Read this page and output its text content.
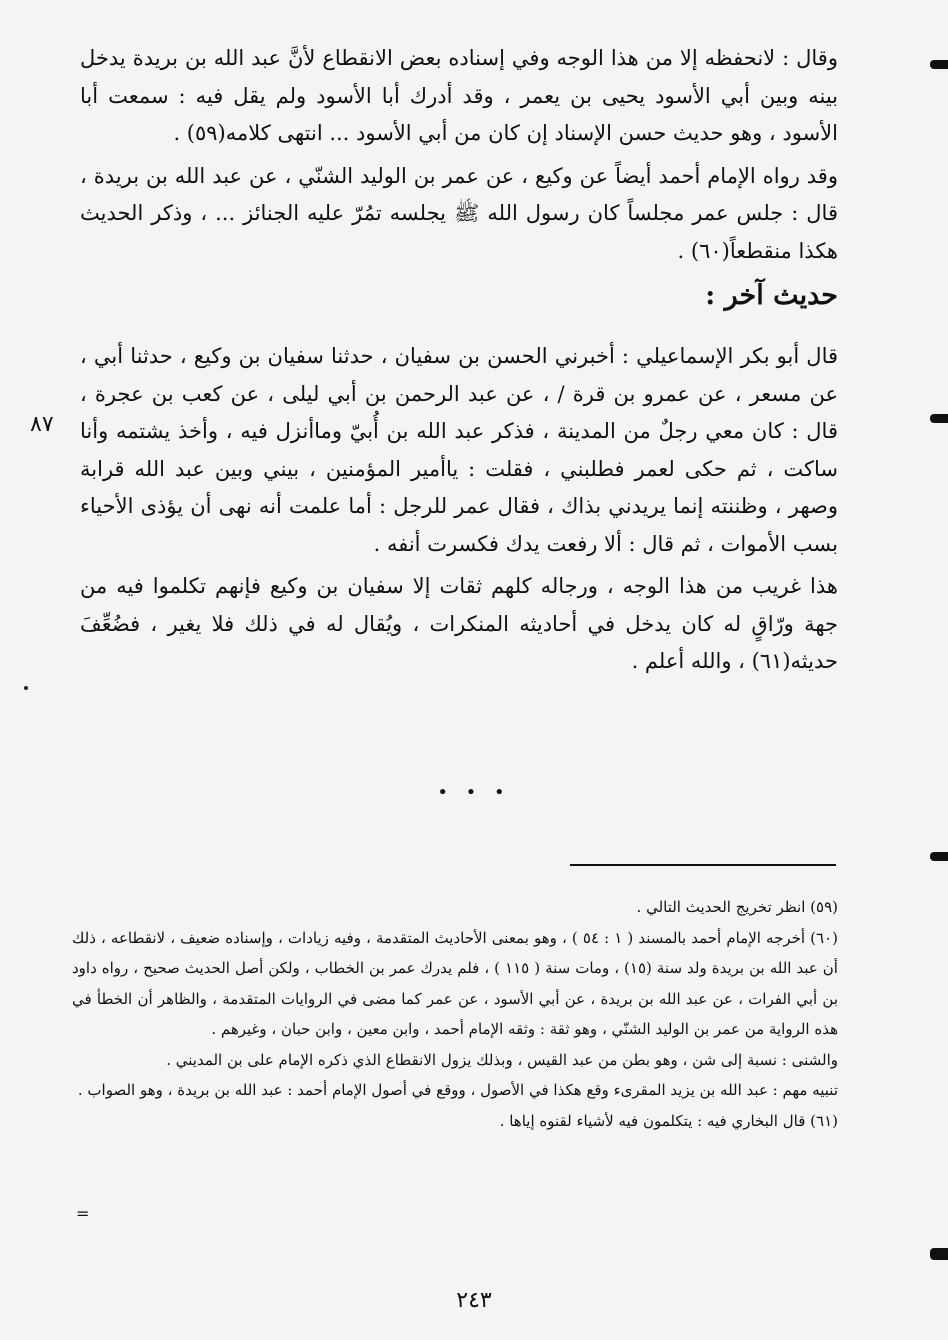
وقال : لانحفظه إلا من هذا الوجه وفي إسناده بعض الانقطاع لأنَّ عبد الله بن بريدة يدخل بينه وبين أبي الأسود يحيى بن يعمر ، وقد أدرك أبا الأسود ولم يقل فيه : سمعت أبا الأسود ، وهو حديث حسن الإسناد إن كان من أبي الأسود ... انتهى كلامه(٥٩) .

وقد رواه الإمام أحمد أيضاً عن وكيع ، عن عمر بن الوليد الشنّي ، عن عبد الله بن بريدة ، قال : جلس عمر مجلساً كان رسول الله ﷺ يجلسه تمُرّ عليه الجنائز ... ، وذكر الحديث هكذا منقطعاً(٦٠) .

حديث آخر :

قال أبو بكر الإسماعيلي : أخبرني الحسن بن سفيان ، حدثنا سفيان بن وكيع ، حدثنا أبي ، عن مسعر ، عن عمرو بن قرة / ، عن عبد الرحمن بن أبي ليلى ، عن كعب بن عجرة ، قال : كان معي رجلٌ من المدينة ، فذكر عبد الله بن أُبيّ وماأنزل فيه ، وأخذ يشتمه وأنا ساكت ، ثم حكى لعمر فطلبني ، فقلت : ياأمير المؤمنين ، بيني وبين عبد الله قرابة وصهر ، وظننته إنما يريدني بذاك ، فقال عمر للرجل : أما علمت أنه نهى أن يؤذى الأحياء بسب الأموات ، ثم قال : ألا رفعت يدك فكسرت أنفه .

هذا غريب من هذا الوجه ، ورجاله كلهم ثقات إلا سفيان بن وكيع فإنهم تكلموا فيه من جهة ورّاقٍ له كان يدخل في أحاديثه المنكرات ، ويُقال له في ذلك فلا يغير ، فضُعِّفَ حديثه(٦١) ، والله أعلم .

٨٧
• • •

(٥٩) انظر تخريج الحديث التالي .

(٦٠) أخرجه الإمام أحمد بالمسند ( ١ : ٥٤ ) ، وهو بمعنى الأحاديث المتقدمة ، وفيه زيادات ، وإسناده ضعيف ، لانقطاعه ، ذلك أن عبد الله بن بريدة ولد سنة (١٥) ، ومات سنة ( ١١٥ ) ، فلم يدرك عمر بن الخطاب ، ولكن أصل الحديث صحيح ، رواه داود بن أبي الفرات ، عن عبد الله بن بريدة ، عن أبي الأسود ، عن عمر كما مضى في الروايات المتقدمة ، والظاهر أن الخطأ في هذه الرواية من عمر بن الوليد الشنّي ، وهو ثقة : وثقه الإمام أحمد ، وابن معين ، وابن حبان ، وغيرهم .

والشنى : نسبة إلى شن ، وهو بطن من عبد القيس ، وبذلك يزول الانقطاع الذي ذكره الإمام على بن المديني .

تنبيه مهم : عبد الله بن يزيد المقرىء وقع هكذا في الأصول ، ووقع في أصول الإمام أحمد : عبد الله بن بريدة ، وهو الصواب .

(٦١) قال البخاري فيه : يتكلمون فيه لأشياء لقنوه إياها .

=
٢٤٣
